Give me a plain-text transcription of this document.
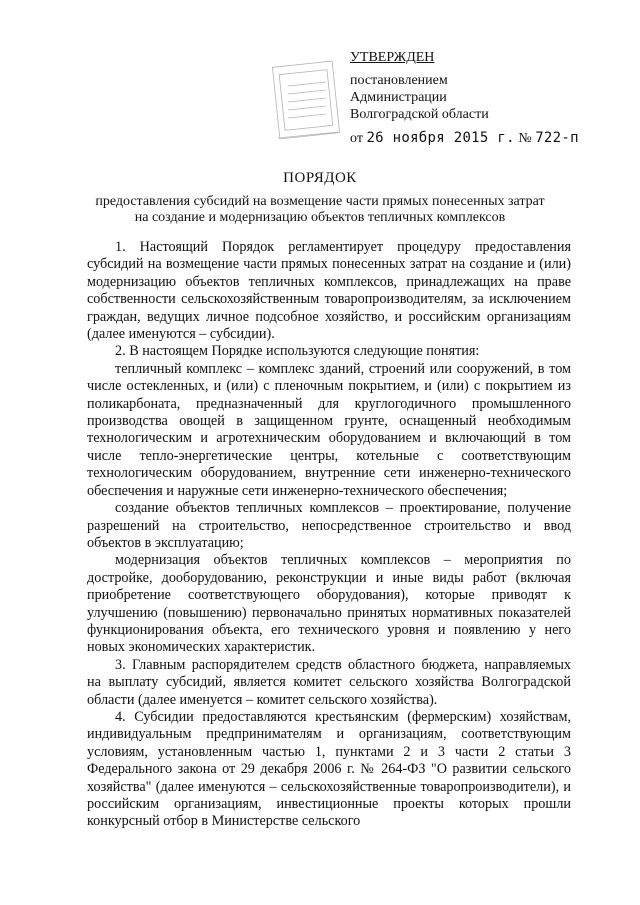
УТВЕРЖДЕН
постановлением
Администрации
Волгоградской области
от 26 ноября 2015 г. № 722-п
ПОРЯДОК
предоставления субсидий на возмещение части прямых понесенных затрат
на создание и модернизацию объектов тепличных комплексов

1. Настоящий Порядок регламентирует процедуру предоставления субсидий на возмещение части прямых понесенных затрат на создание и (или) модернизацию объектов тепличных комплексов, принадлежащих на праве собственности сельскохозяйственным товаропроизводителям, за исключением граждан, ведущих личное подсобное хозяйство, и российским организациям (далее именуются – субсидии).

2. В настоящем Порядке используются следующие понятия:

тепличный комплекс – комплекс зданий, строений или сооружений, в том числе остекленных, и (или) с пленочным покрытием, и (или) с покрытием из поликарбоната, предназначенный для круглогодичного промышленного производства овощей в защищенном грунте, оснащенный необходимым технологическим и агротехническим оборудованием и включающий в том числе тепло-энергетические центры, котельные с соответствующим технологическим оборудованием, внутренние сети инженерно-технического обеспечения и наружные сети инженерно-технического обеспечения;

создание объектов тепличных комплексов – проектирование, получение разрешений на строительство, непосредственное строительство и ввод объектов в эксплуатацию;

модернизация объектов тепличных комплексов – мероприятия по достройке, дооборудованию, реконструкции и иные виды работ (включая приобретение соответствующего оборудования), которые приводят к улучшению (повышению) первоначально принятых нормативных показателей функционирования объекта, его технического уровня и появлению у него новых экономических характеристик.

3. Главным распорядителем средств областного бюджета, направляемых на выплату субсидий, является комитет сельского хозяйства Волгоградской области (далее именуется – комитет сельского хозяйства).

4. Субсидии предоставляются крестьянским (фермерским) хозяйствам, индивидуальным предпринимателям и организациям, соответствующим условиям, установленным частью 1, пунктами 2 и 3 части 2 статьи 3 Федерального закона от 29 декабря 2006 г. № 264-ФЗ "О развитии сельского хозяйства" (далее именуются – сельскохозяйственные товаропроизводители), и российским организациям, инвестиционные проекты которых прошли конкурсный отбор в Министерстве сельского
